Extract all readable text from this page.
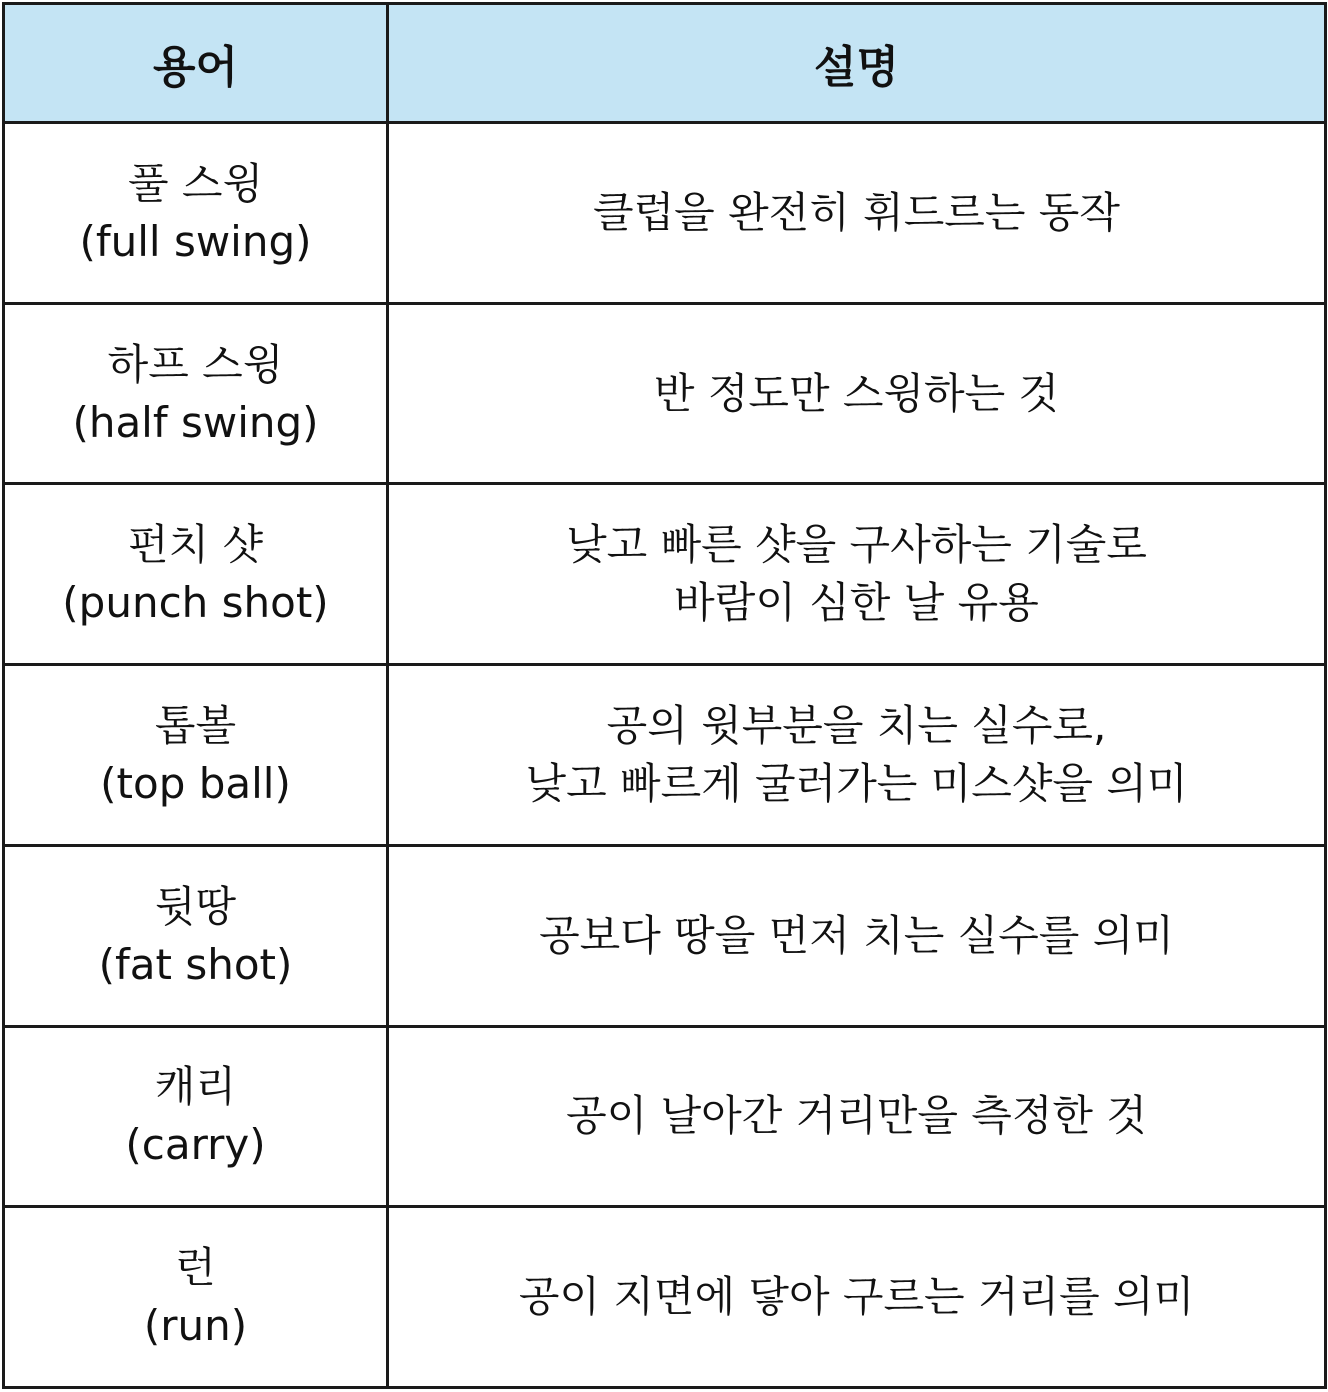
용어	설명

풀 스윙
(full swing)	클럽을 완전히 휘드르는 동작

하프 스윙
(half swing)	반 정도만 스윙하는 것

펀치 샷
(punch shot)	낮고 빠른 샷을 구사하는 기술로
바람이 심한 날 유용

톱볼
(top ball)	공의 윗부분을 치는 실수로,
낮고 빠르게 굴러가는 미스샷을 의미

뒷땅
(fat shot)	공보다 땅을 먼저 치는 실수를 의미

캐리
(carry)	공이 날아간 거리만을 측정한 것

런
(run)	공이 지면에 닿아 구르는 거리를 의미
